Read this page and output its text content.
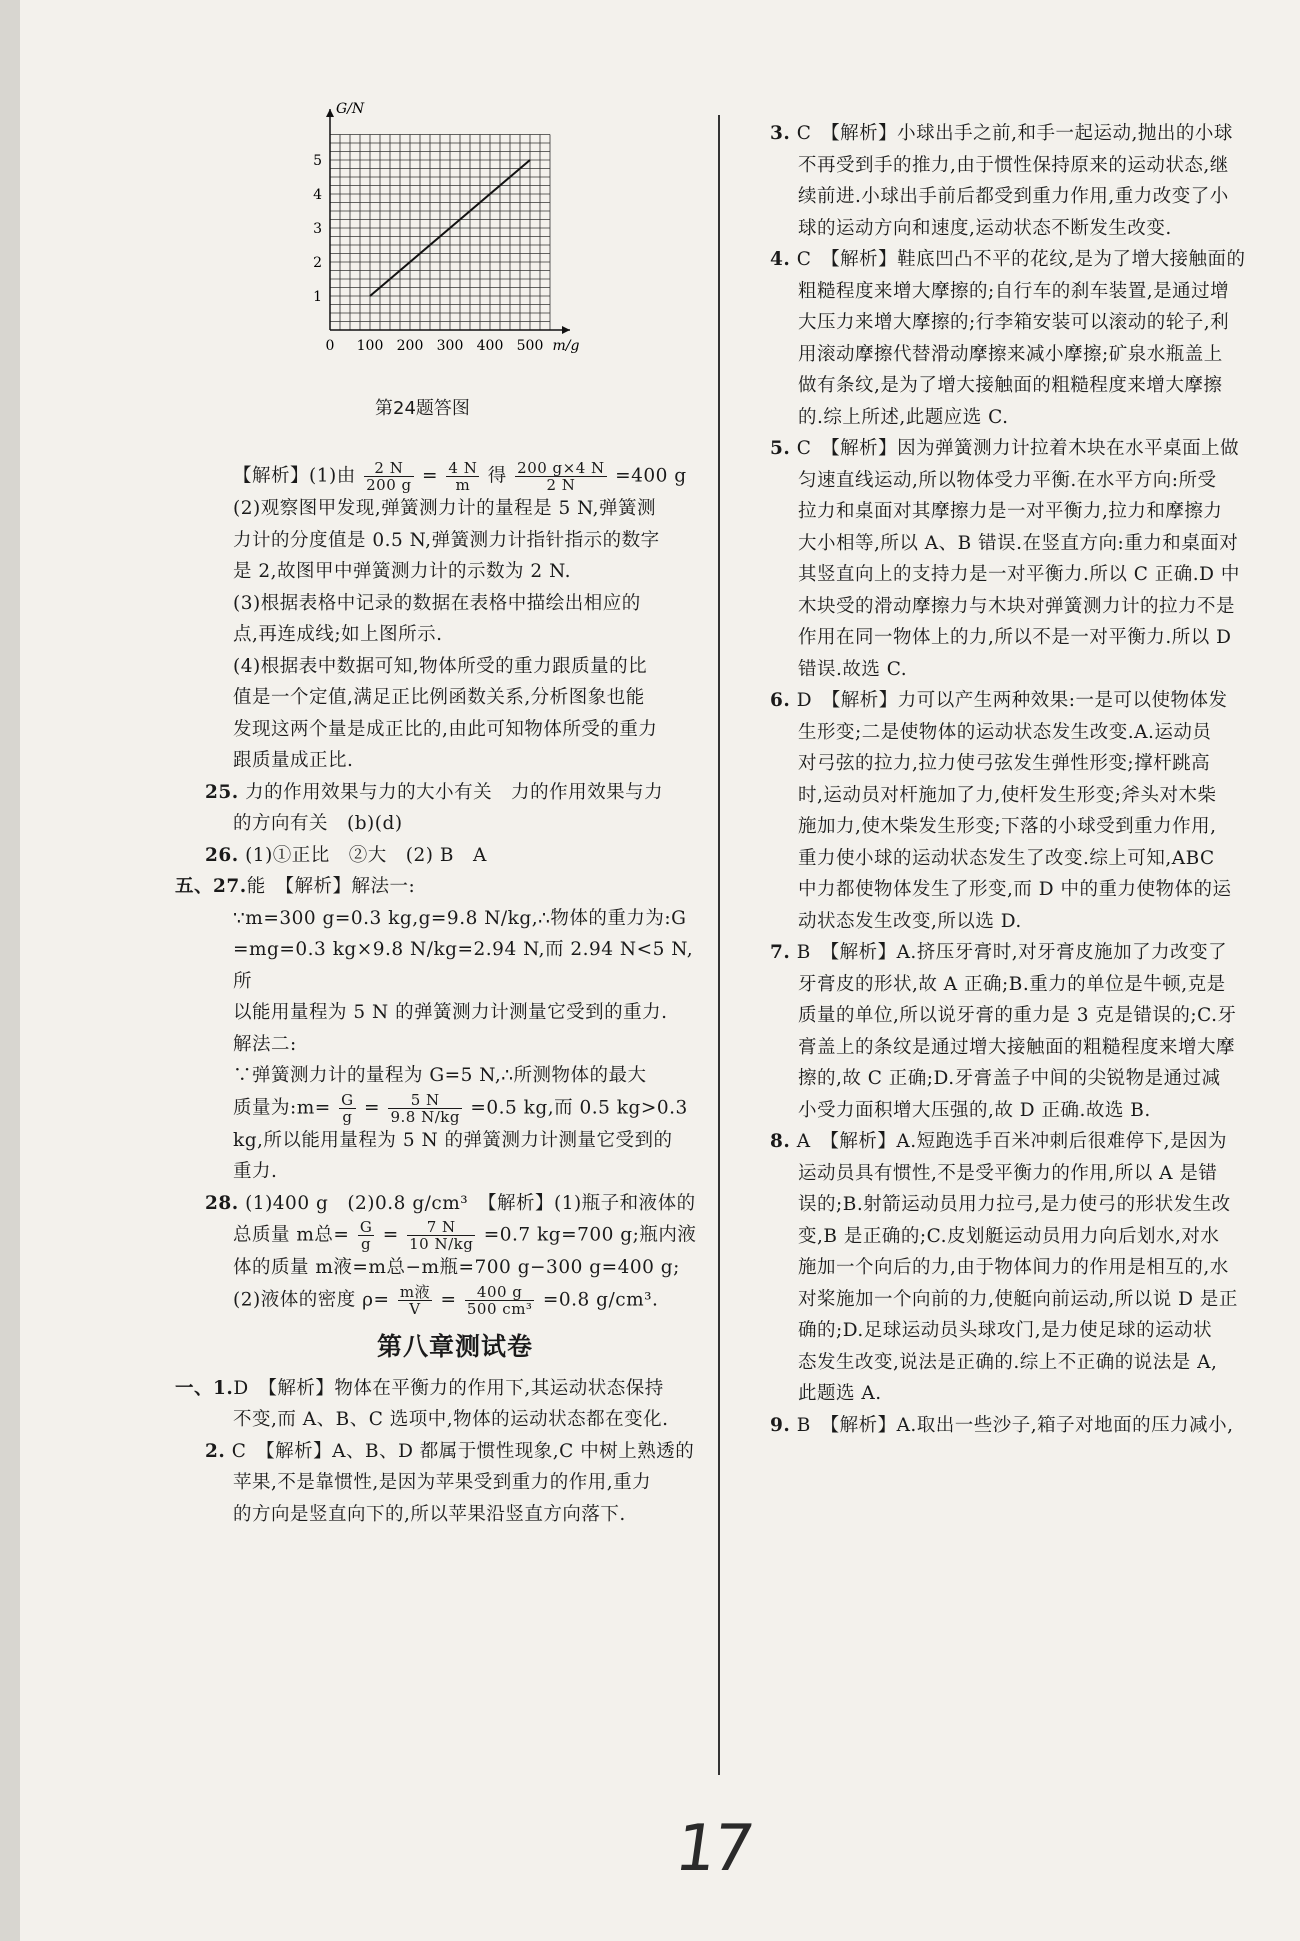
0 100 200 300 400 500
1
2
3
4
5
G/N
m/g
第24题答图

【解析】(1)由 $\frac{2 N}{200 g} = \frac{4 N}{m}$ 得 $\frac{200 g\times 4 N}{2 N} =400$ g

(2)观察图甲发现,弹簧测力计的量程是 5 N,弹簧测

力计的分度值是 0.5 N,弹簧测力计指针指示的数字

是 2,故图甲中弹簧测力计的示数为 2 N.

(3)根据表格中记录的数据在表格中描绘出相应的

点,再连成线;如上图所示.

(4)根据表中数据可知,物体所受的重力跟质量的比

值是一个定值,满足正比例函数关系,分析图象也能

发现这两个量是成正比的,由此可知物体所受的重力

跟质量成正比.

25. 力的作用效果与力的大小有关　力的作用效果与力

的方向有关　(b)(d)

26. (1)①正比　②大　(2) B　A

五、27.能　【解析】解法一:

∵m=300 g=0.3 kg,g=9.8 N/kg,∴物体的重力为:G

=mg=0.3 kg×9.8 N/kg=2.94 N,而 2.94 N<5 N,所

以能用量程为 5 N 的弹簧测力计测量它受到的重力.

解法二:

∵弹簧测力计的量程为 G=5 N,∴所测物体的最大

质量为:m= $\frac{G}{g} = \frac{5 N}{9.8 N/kg} =0.5$ kg,而 0.5 kg>0.3

kg,所以能用量程为 5 N 的弹簧测力计测量它受到的

重力.

28. (1)400 g　(2)0.8 g/cm³　【解析】(1)瓶子和液体的

总质量 m总= $\frac{G}{g} = \frac{7 N}{10 N/kg} =0.7$ kg=700 g;瓶内液

体的质量 m液=m总−m瓶=700 g−300 g=400 g;

(2)液体的密度 $\rho= \frac{\text{m液}}{V} = \frac{400 g}{\text{500 cm³}} =0.8$ g/cm³.

第八章测试卷

一、1.D　【解析】物体在平衡力的作用下,其运动状态保持

不变,而 A、B、C 选项中,物体的运动状态都在变化.

2. C　【解析】A、B、D 都属于惯性现象,C 中树上熟透的

苹果,不是靠惯性,是因为苹果受到重力的作用,重力

的方向是竖直向下的,所以苹果沿竖直方向落下.

3. C　【解析】小球出手之前,和手一起运动,抛出的小球

不再受到手的推力,由于惯性保持原来的运动状态,继

续前进.小球出手前后都受到重力作用,重力改变了小

球的运动方向和速度,运动状态不断发生改变.

4. C　【解析】鞋底凹凸不平的花纹,是为了增大接触面的

粗糙程度来增大摩擦的;自行车的刹车装置,是通过增

大压力来增大摩擦的;行李箱安装可以滚动的轮子,利

用滚动摩擦代替滑动摩擦来减小摩擦;矿泉水瓶盖上

做有条纹,是为了增大接触面的粗糙程度来增大摩擦

的.综上所述,此题应选 C.

5. C　【解析】因为弹簧测力计拉着木块在水平桌面上做

匀速直线运动,所以物体受力平衡.在水平方向:所受

拉力和桌面对其摩擦力是一对平衡力,拉力和摩擦力

大小相等,所以 A、B 错误.在竖直方向:重力和桌面对

其竖直向上的支持力是一对平衡力.所以 C 正确.D 中

木块受的滑动摩擦力与木块对弹簧测力计的拉力不是

作用在同一物体上的力,所以不是一对平衡力.所以 D

错误.故选 C.

6. D　【解析】力可以产生两种效果:一是可以使物体发

生形变;二是使物体的运动状态发生改变.A.运动员

对弓弦的拉力,拉力使弓弦发生弹性形变;撑杆跳高

时,运动员对杆施加了力,使杆发生形变;斧头对木柴

施加力,使木柴发生形变;下落的小球受到重力作用,

重力使小球的运动状态发生了改变.综上可知,ABC

中力都使物体发生了形变,而 D 中的重力使物体的运

动状态发生改变,所以选 D.

7. B　【解析】A.挤压牙膏时,对牙膏皮施加了力改变了

牙膏皮的形状,故 A 正确;B.重力的单位是牛顿,克是

质量的单位,所以说牙膏的重力是 3 克是错误的;C.牙

膏盖上的条纹是通过增大接触面的粗糙程度来增大摩

擦的,故 C 正确;D.牙膏盖子中间的尖锐物是通过减

小受力面积增大压强的,故 D 正确.故选 B.

8. A　【解析】A.短跑选手百米冲刺后很难停下,是因为

运动员具有惯性,不是受平衡力的作用,所以 A 是错

误的;B.射箭运动员用力拉弓,是力使弓的形状发生改

变,B 是正确的;C.皮划艇运动员用力向后划水,对水

施加一个向后的力,由于物体间力的作用是相互的,水

对桨施加一个向前的力,使艇向前运动,所以说 D 是正

确的;D.足球运动员头球攻门,是力使足球的运动状

态发生改变,说法是正确的.综上不正确的说法是 A,

此题选 A.

9. B　【解析】A.取出一些沙子,箱子对地面的压力减小,

17
